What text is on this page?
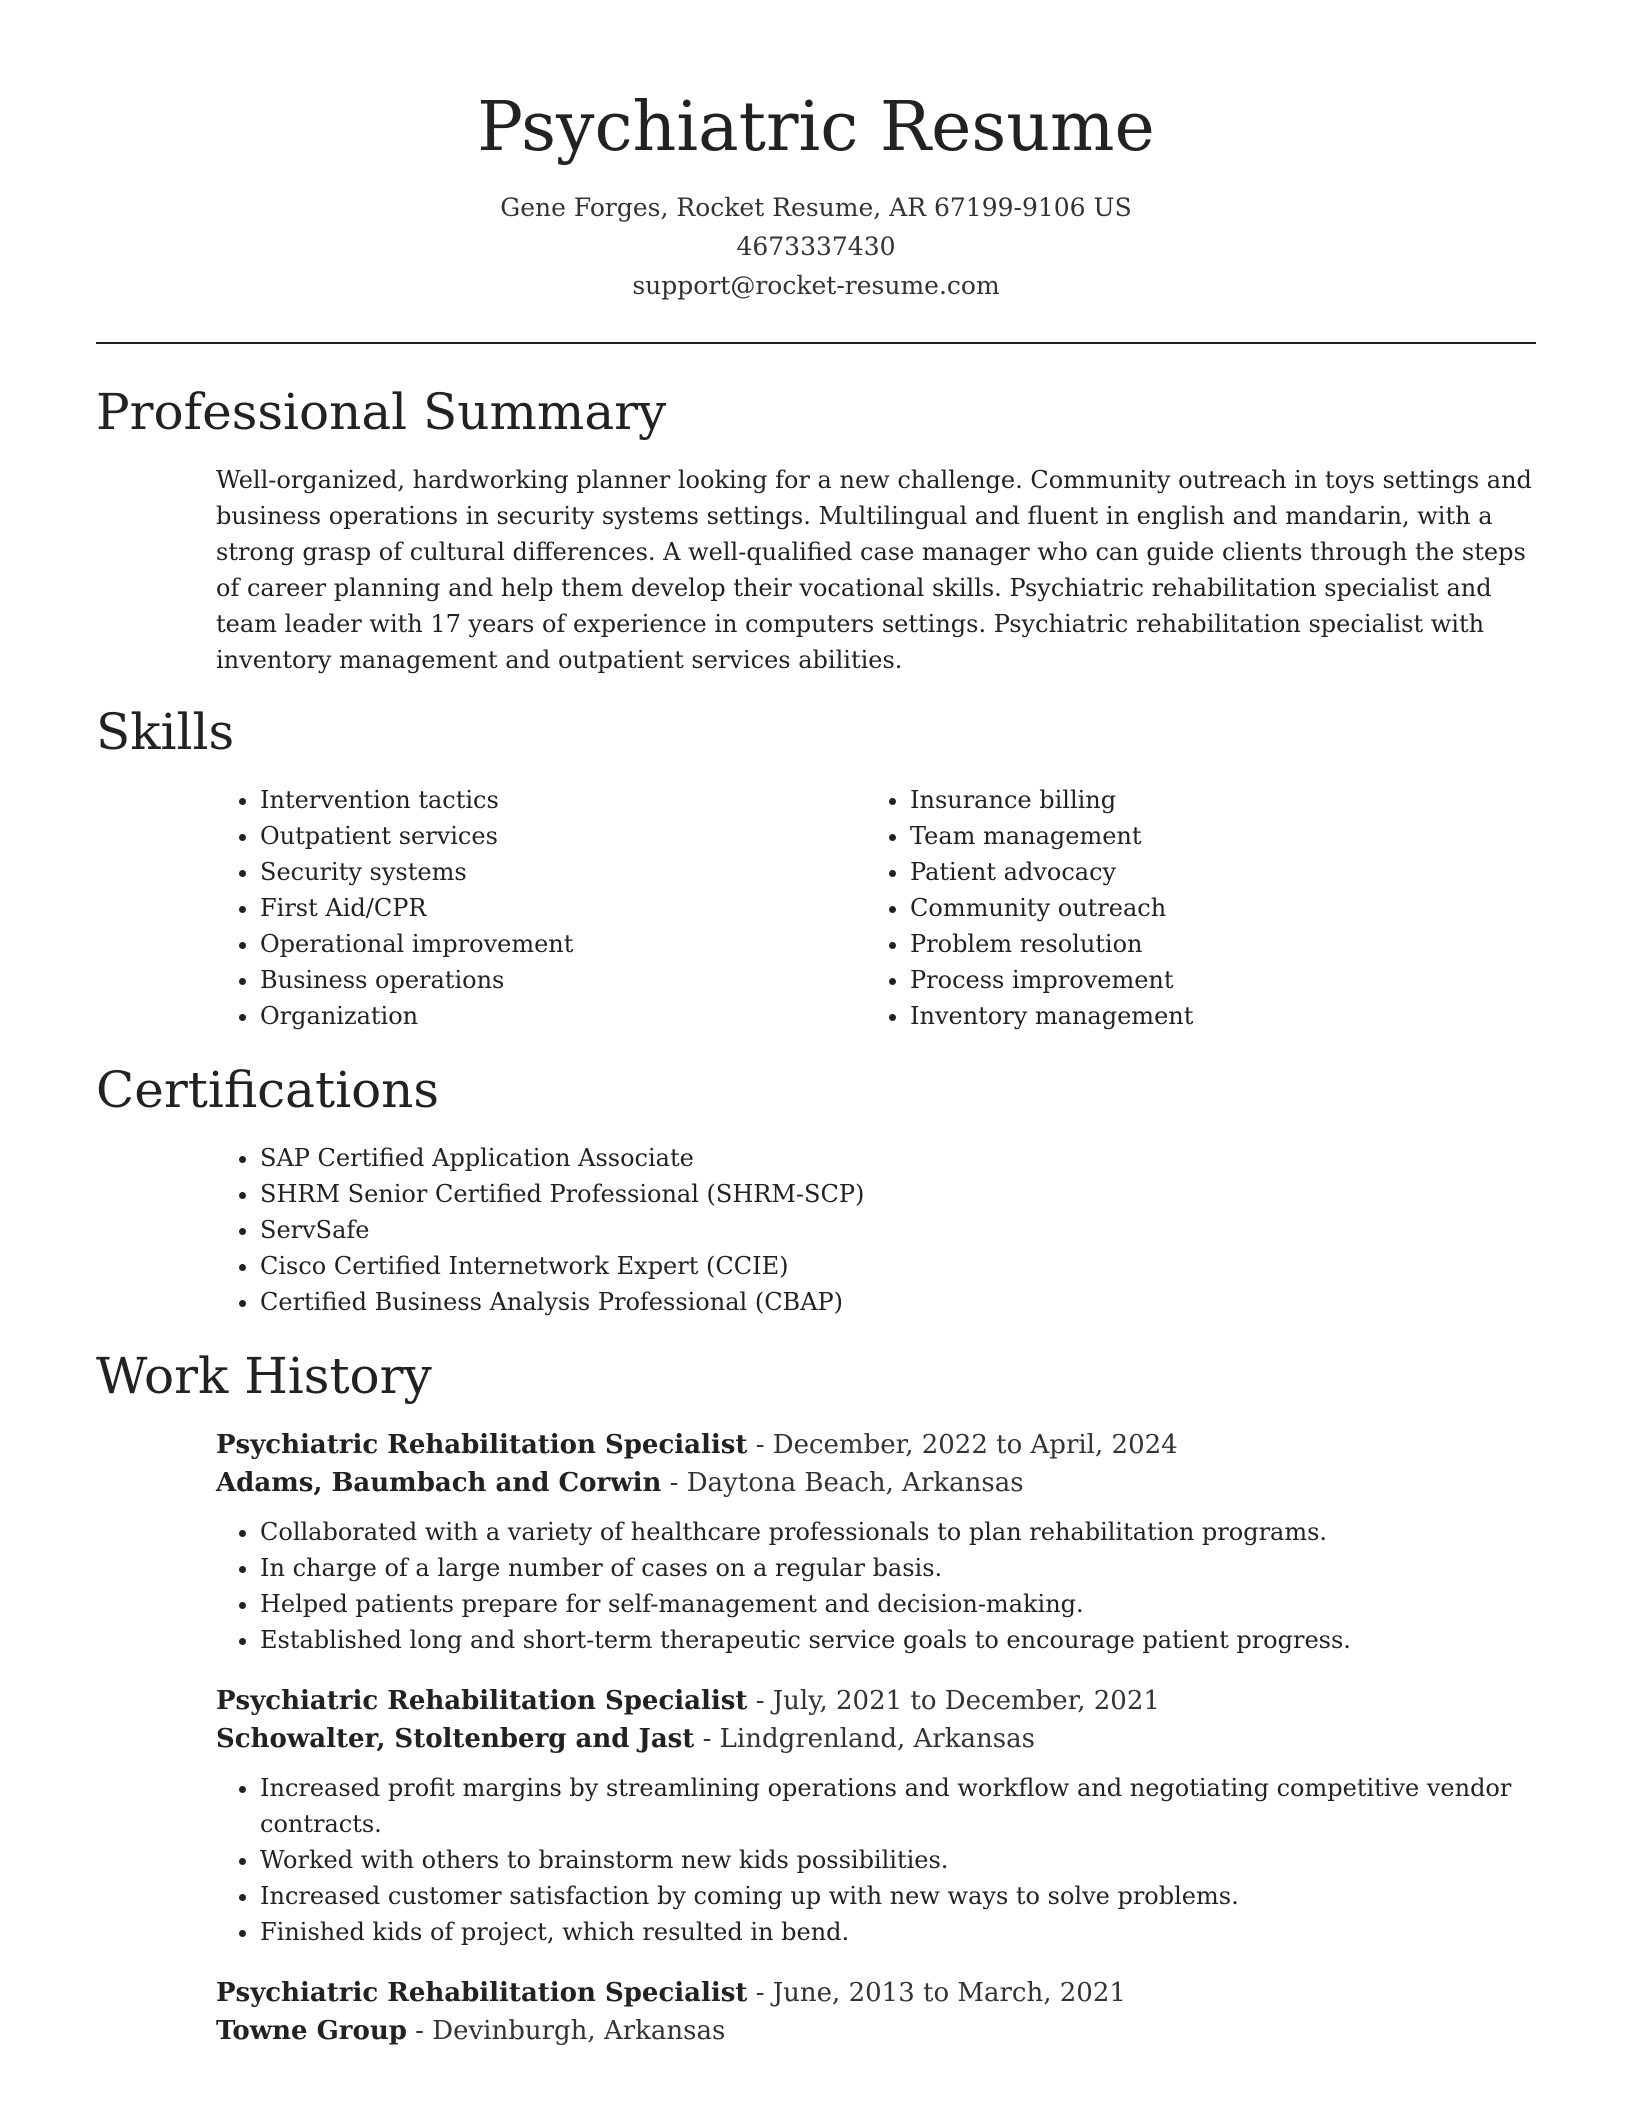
Psychiatric Resume
Gene Forges, Rocket Resume, AR 67199-9106 US
4673337430
support@rocket-resume.com
Professional Summary
Well-organized, hardworking planner looking for a new challenge. Community outreach in toys settings and business operations in security systems settings. Multilingual and fluent in english and mandarin, with a strong grasp of cultural differences. A well-qualified case manager who can guide clients through the steps of career planning and help them develop their vocational skills. Psychiatric rehabilitation specialist and team leader with 17 years of experience in computers settings. Psychiatric rehabilitation specialist with inventory management and outpatient services abilities.
Skills
• Intervention tactics
• Outpatient services
• Security systems
• First Aid/CPR
• Operational improvement
• Business operations
• Organization
• Insurance billing
• Team management
• Patient advocacy
• Community outreach
• Problem resolution
• Process improvement
• Inventory management
Certifications
• SAP Certified Application Associate
• SHRM Senior Certified Professional (SHRM-SCP)
• ServSafe
• Cisco Certified Internetwork Expert (CCIE)
• Certified Business Analysis Professional (CBAP)
Work History
Psychiatric Rehabilitation Specialist - December, 2022 to April, 2024
Adams, Baumbach and Corwin - Daytona Beach, Arkansas
• Collaborated with a variety of healthcare professionals to plan rehabilitation programs.
• In charge of a large number of cases on a regular basis.
• Helped patients prepare for self-management and decision-making.
• Established long and short-term therapeutic service goals to encourage patient progress.
Psychiatric Rehabilitation Specialist - July, 2021 to December, 2021
Schowalter, Stoltenberg and Jast - Lindgrenland, Arkansas
• Increased profit margins by streamlining operations and workflow and negotiating competitive vendor contracts.
• Worked with others to brainstorm new kids possibilities.
• Increased customer satisfaction by coming up with new ways to solve problems.
• Finished kids of project, which resulted in bend.
Psychiatric Rehabilitation Specialist - June, 2013 to March, 2021
Towne Group - Devinburgh, Arkansas
